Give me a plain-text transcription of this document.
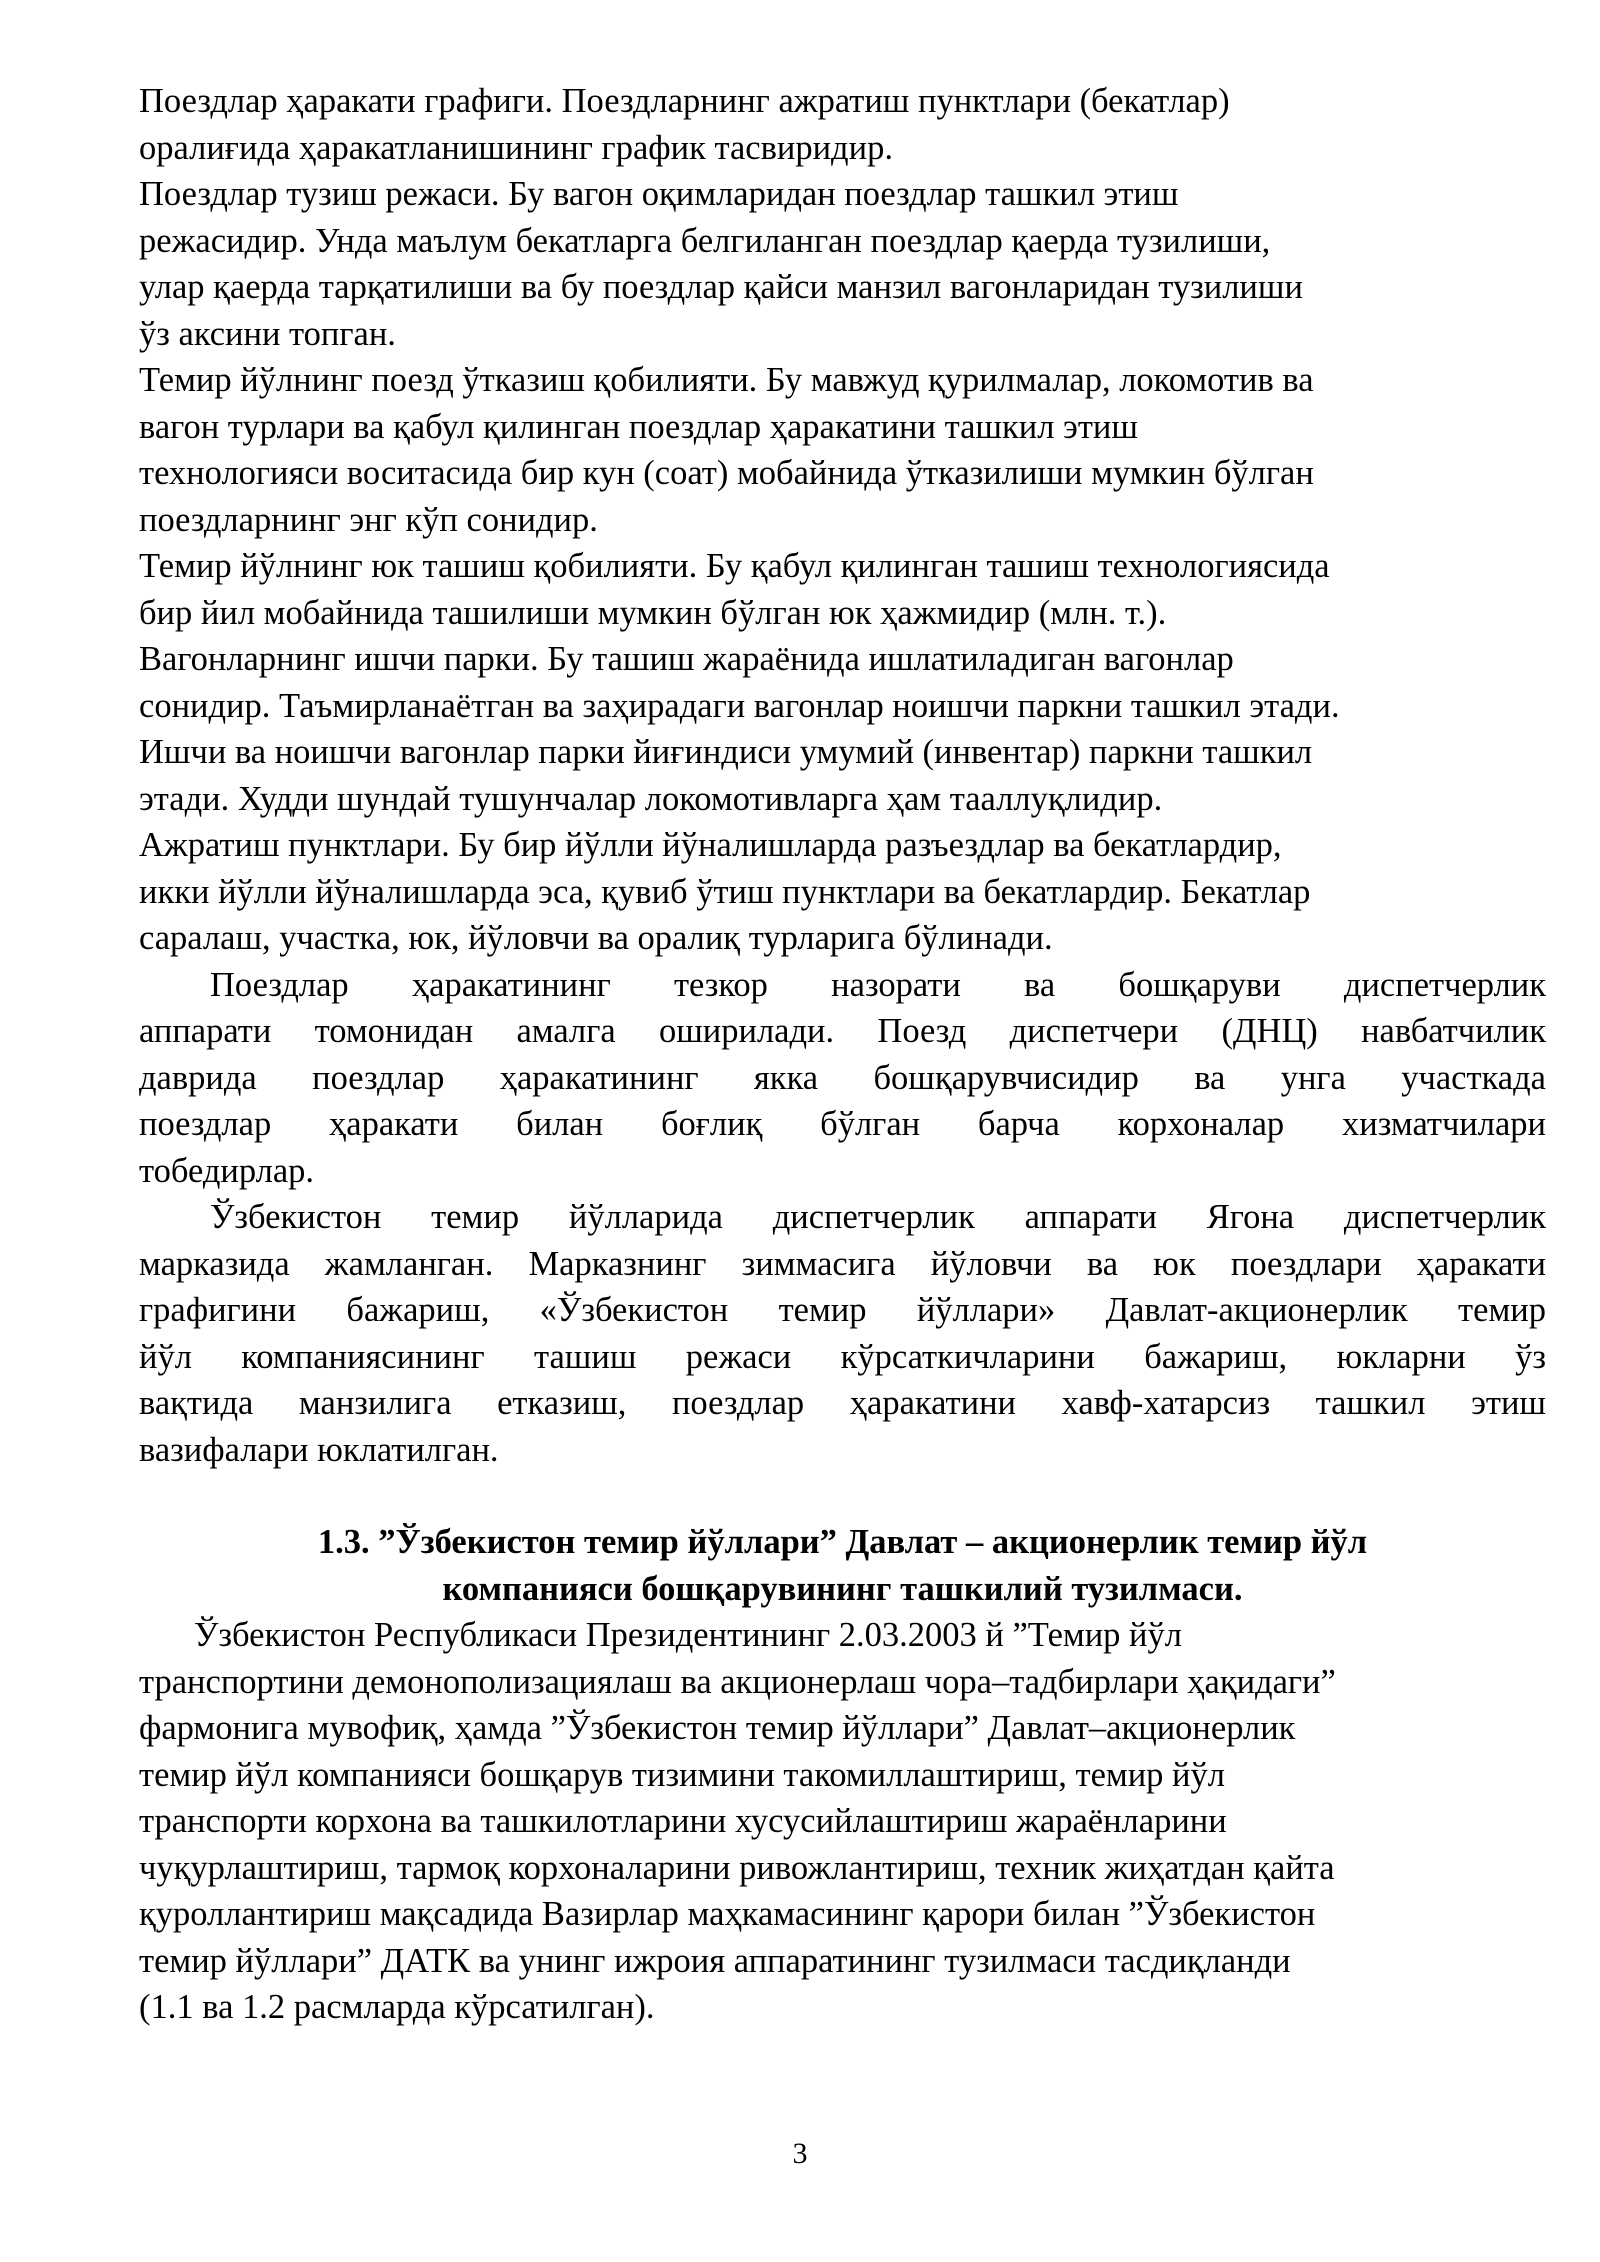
Поездлар ҳаракати графиги. Поездларнинг ажратиш пунктлари (бекатлар)
оралиғида ҳаракатланишининг график тасвиридир.
Поездлар тузиш режаси. Бу вагон оқимларидан поездлар ташкил этиш
режасидир. Унда маълум бекатларга белгиланган поездлар қаерда тузилиши,
улар қаерда тарқатилиши ва бу поездлар қайси манзил вагонларидан тузилиши
ўз аксини топган.
Темир йўлнинг поезд ўтказиш қобилияти. Бу мавжуд қурилмалар, локомотив ва
вагон турлари ва қабул қилинган поездлар ҳаракатини ташкил этиш
технологияси воситасида бир кун (соат) мобайнида ўтказилиши мумкин бўлган
поездларнинг энг кўп сонидир.
Темир йўлнинг юк ташиш қобилияти. Бу қабул қилинган ташиш технологиясида
бир йил мобайнида ташилиши мумкин бўлган юк ҳажмидир (млн. т.).
Вагонларнинг ишчи парки. Бу ташиш жараёнида ишлатиладиган вагонлар
сонидир. Таъмирланаётган ва заҳирадаги вагонлар ноишчи паркни ташкил этади.
Ишчи ва ноишчи вагонлар парки йиғиндиси умумий (инвентар) паркни ташкил
этади. Худди шундай тушунчалар локомотивларга ҳам тааллуқлидир.
Ажратиш пунктлари. Бу бир йўлли йўналишларда разъездлар ва бекатлардир,
икки йўлли йўналишларда эса, қувиб ўтиш пунктлари ва бекатлардир. Бекатлар
саралаш, участка, юк, йўловчи ва оралиқ турларига бўлинади.
Поездлар ҳаракатининг тезкор назорати ва бошқаруви диспетчерлик
аппарати томонидан амалга оширилади. Поезд диспетчери (ДНЦ) навбатчилик
даврида поездлар ҳаракатининг якка бошқарувчисидир ва унга участкада
поездлар ҳаракати билан боғлиқ бўлган барча корхоналар хизматчилари
тобедирлар.
Ўзбекистон темир йўлларида диспетчерлик аппарати Ягона диспетчерлик
марказида жамланган. Марказнинг зиммасига йўловчи ва юк поездлари ҳаракати
графигини бажариш, «Ўзбекистон темир йўллари» Давлат-акционерлик темир
йўл компаниясининг ташиш режаси кўрсаткичларини бажариш, юкларни ўз
вақтида манзилига етказиш, поездлар ҳаракатини хавф-хатарсиз ташкил этиш
вазифалари юклатилган.
1.3. ”Ўзбекистон темир йўллари” Давлат – акционерлик темир йўл
компанияси бошқарувининг ташкилий тузилмаси.
Ўзбекистон Республикаси Президентининг 2.03.2003 й ”Темир йўл
транспортини демонополизациялаш ва акционерлаш чора–тадбирлари ҳақидаги”
фармонига мувофиқ, ҳамда ”Ўзбекистон темир йўллари” Давлат–акционерлик
темир йўл компанияси бошқарув тизимини такомиллаштириш, темир йўл
транспорти корхона ва ташкилотларини хусусийлаштириш жараёнларини
чуқурлаштириш, тармоқ корхоналарини ривожлантириш, техник жиҳатдан қайта
қуроллантириш мақсадида Вазирлар маҳкамасининг қарори билан ”Ўзбекистон
темир йўллари” ДАТК ва унинг ижроия аппаратининг тузилмаси тасдиқланди
(1.1 ва 1.2 расмларда кўрсатилган).
3
